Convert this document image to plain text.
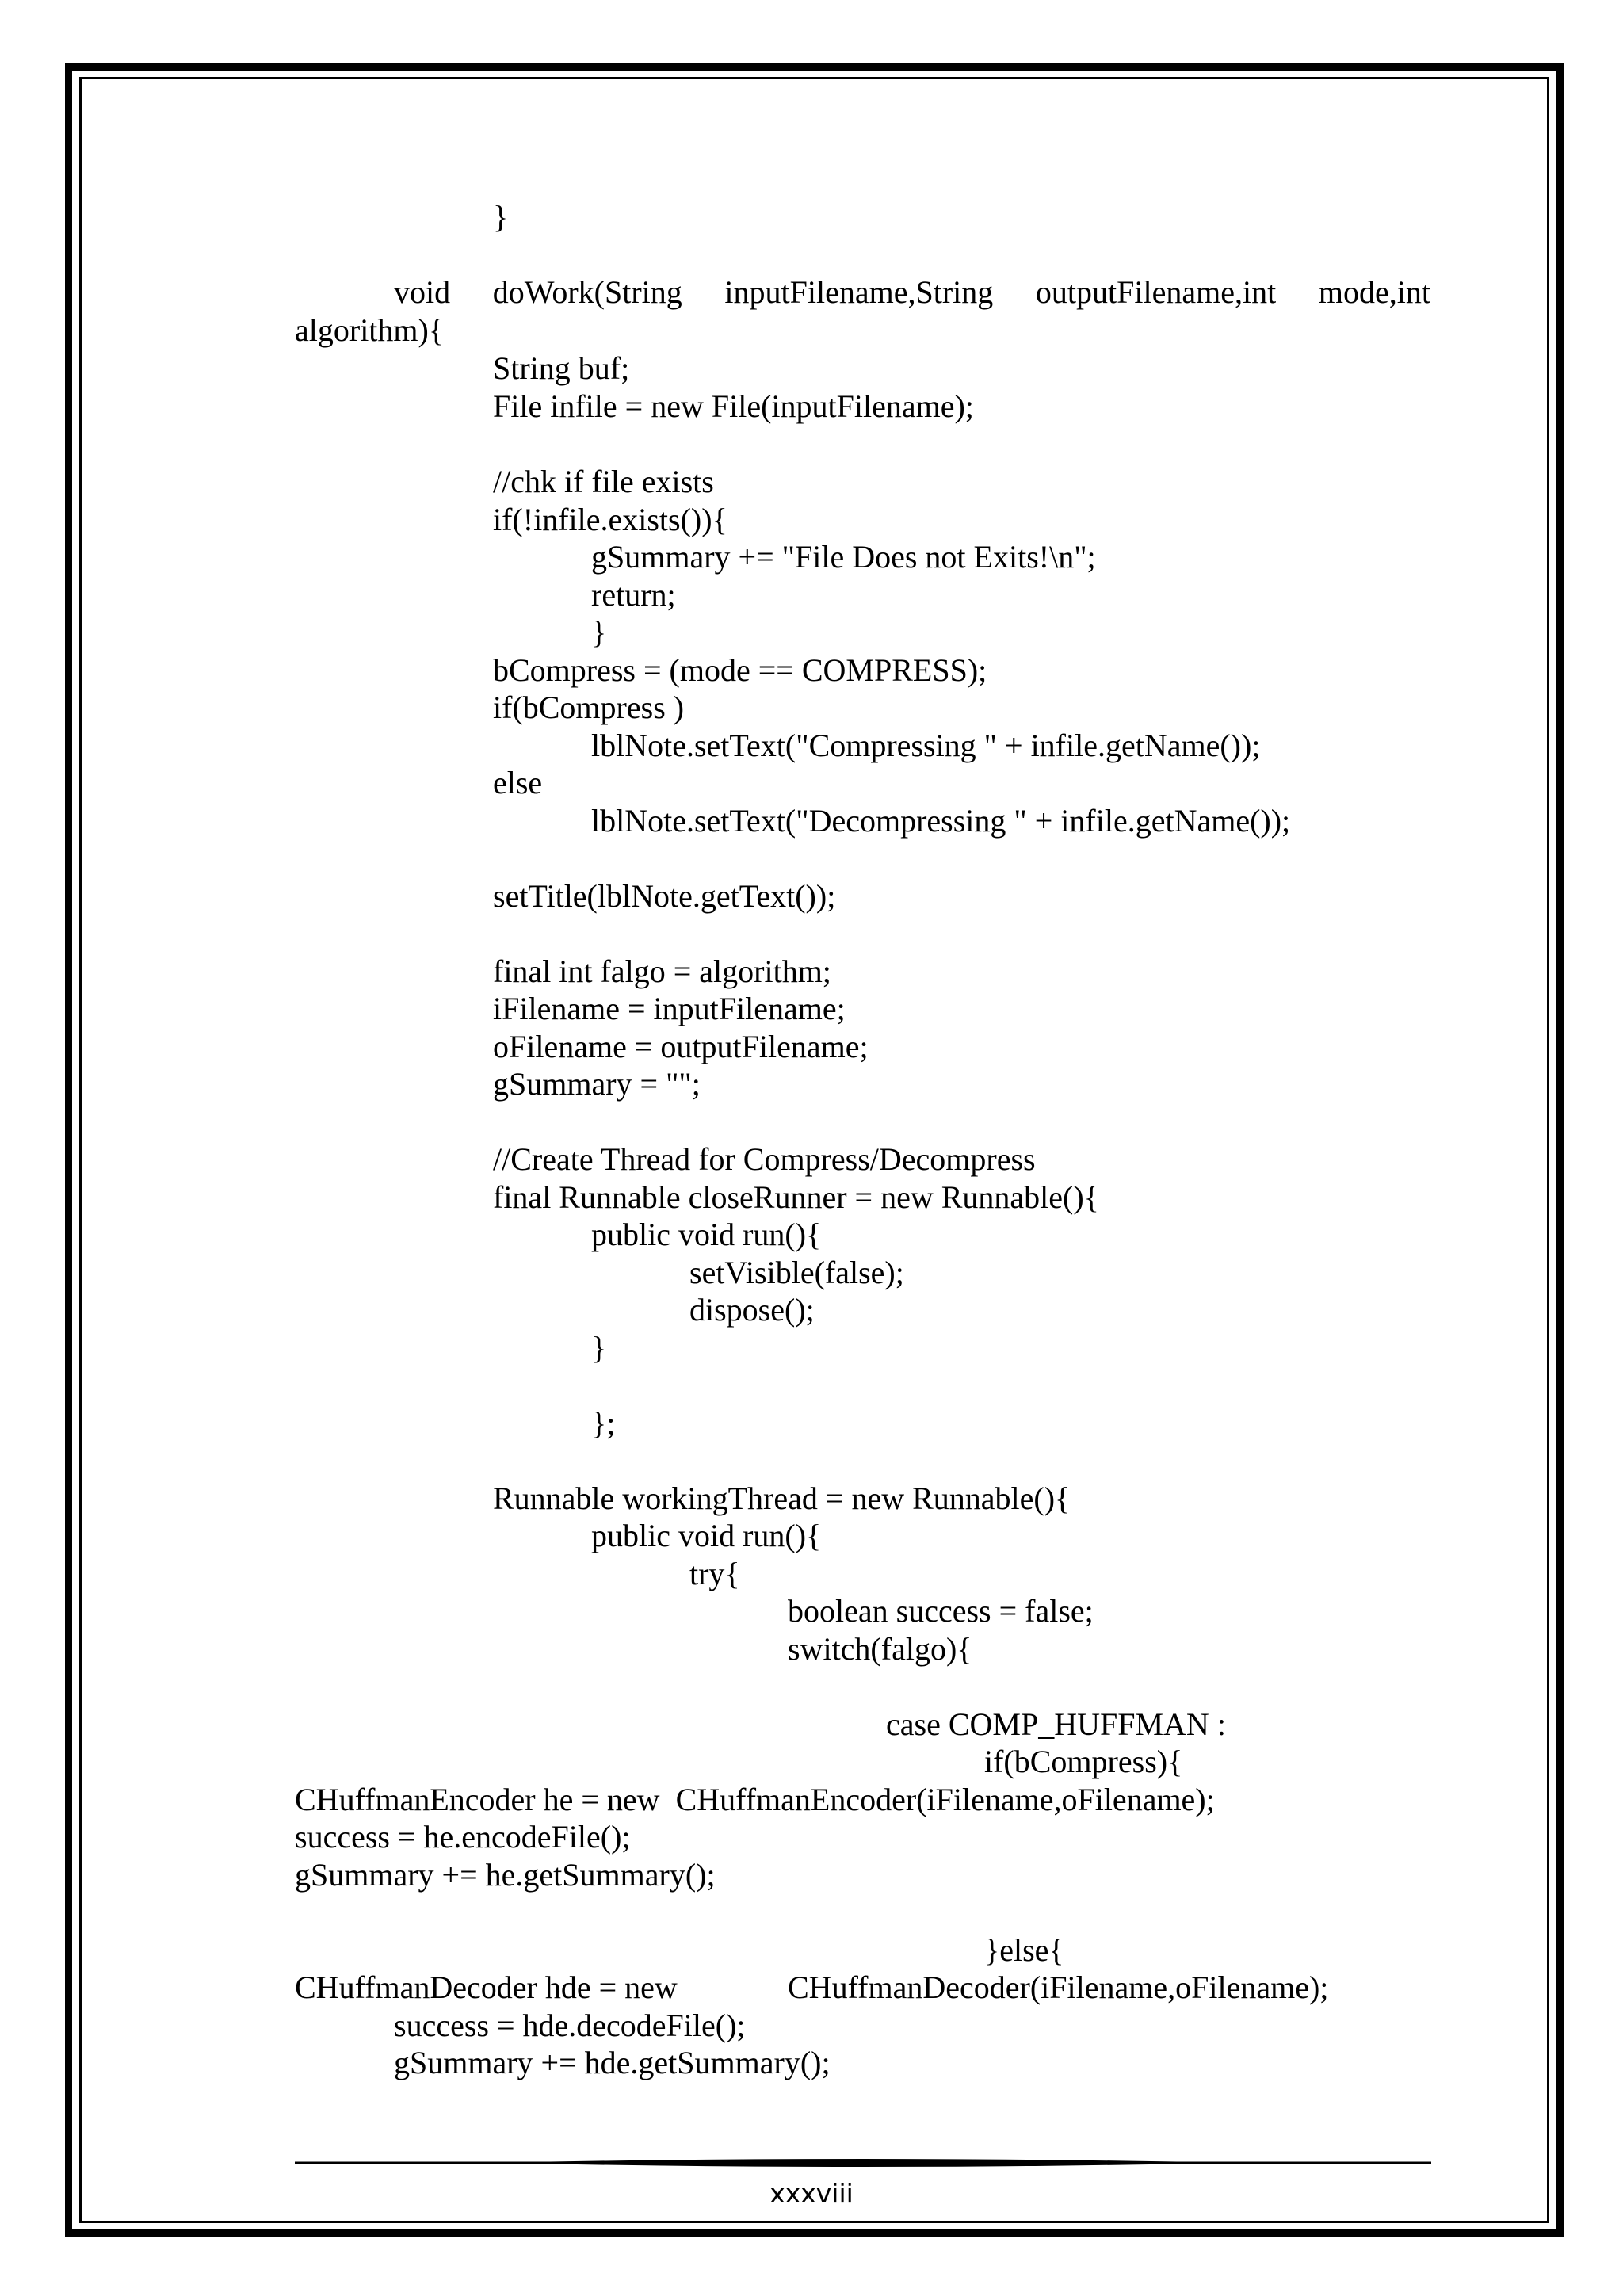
}
void doWork(String inputFilename,String outputFilename,int mode,int
algorithm){
String buf;
File infile = new File(inputFilename);
//chk if file exists
if(!infile.exists()){
gSummary += "File Does not Exits!\n";
return;
}
bCompress = (mode == COMPRESS);
if(bCompress )
lblNote.setText("Compressing " + infile.getName());
else
lblNote.setText("Decompressing " + infile.getName());
setTitle(lblNote.getText());
final int falgo = algorithm;
iFilename = inputFilename;
oFilename = outputFilename;
gSummary = "";
//Create Thread for Compress/Decompress
final Runnable closeRunner = new Runnable(){
public void run(){
setVisible(false);
dispose();
}
};
Runnable workingThread = new Runnable(){
public void run(){
try{
boolean success = false;
switch(falgo){
case COMP_HUFFMAN :
if(bCompress){
CHuffmanEncoder he = new  CHuffmanEncoder(iFilename,oFilename);
success = he.encodeFile();
gSummary += he.getSummary();
}else{
CHuffmanDecoder hde = new	CHuffmanDecoder(iFilename,oFilename);
success = hde.decodeFile();
gSummary += hde.getSummary();
xxxviii
